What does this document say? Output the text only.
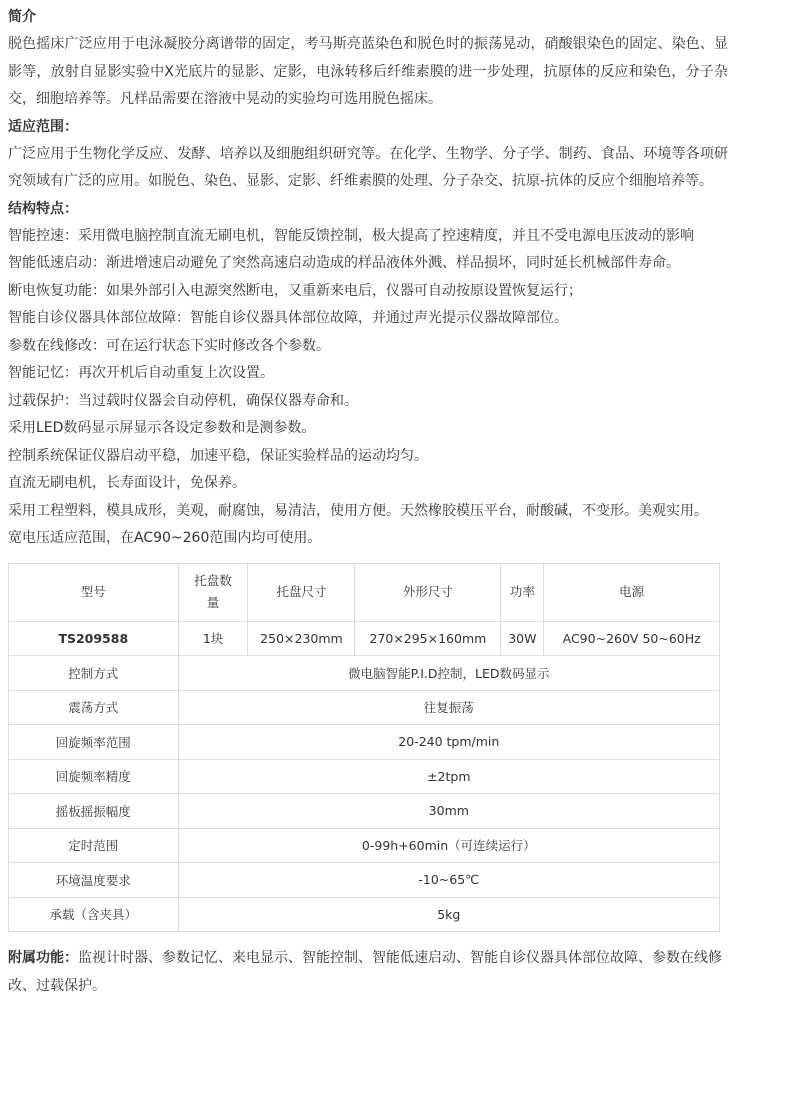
简介
脱色摇床广泛应用于电泳凝胶分离谱带的固定，考马斯亮蓝染色和脱色时的振荡晃动，硝酸银染色的固定、染色、显影等，放射自显影实验中X光底片的显影、定影，电泳转移后纤维素膜的进一步处理，抗原体的反应和染色，分子杂交，细胞培养等。凡样品需要在溶液中晃动的实验均可选用脱色摇床。
适应范围：
广泛应用于生物化学反应、发酵、培养以及细胞组织研究等。在化学、生物学、分子学、制药、食品、环境等各项研究领域有广泛的应用。如脱色、染色、显影、定影、纤维素膜的处理、分子杂交、抗原-抗体的反应个细胞培养等。
结构特点：
智能控速：采用微电脑控制直流无刷电机，智能反馈控制，极大提高了控速精度，并且不受电源电压波动的影响
智能低速启动：渐进增速启动避免了突然高速启动造成的样品液体外溅、样品损坏，同时延长机械部件寿命。
断电恢复功能：如果外部引入电源突然断电，又重新来电后，仪器可自动按原设置恢复运行；
智能自诊仪器具体部位故障：智能自诊仪器具体部位故障，并通过声光提示仪器故障部位。
参数在线修改：可在运行状态下实时修改各个参数。
智能记忆：再次开机后自动重复上次设置。
过载保护：当过载时仪器会自动停机，确保仪器寿命和。
采用LED数码显示屏显示各设定参数和是测参数。
控制系统保证仪器启动平稳，加速平稳，保证实验样品的运动均匀。
直流无刷电机，长寿面设计，免保养。
采用工程塑料，模具成形，美观，耐腐蚀，易清洁，使用方便。天然橡胶模压平台，耐酸碱，不变形。美观实用。
宽电压适应范围，在AC90~260范围内均可使用。
型号	托盘数量	托盘尺寸	外形尺寸	功率	电源
TS209588	1块	250×230mm	270×295×160mm	30W	AC90~260V 50~60Hz
控制方式	微电脑智能P.I.D控制，LED数码显示				
震荡方式	往复振荡				
回旋频率范围	20-240 tpm/min				
回旋频率精度	±2tpm				
摇板摇振幅度	30mm				
定时范围	0-99h+60min（可连续运行）				
环境温度要求	-10~65℃				
承载（含夹具）	5kg				
附属功能：监视计时器、参数记忆、来电显示、智能控制、智能低速启动、智能自诊仪器具体部位故障、参数在线修改、过载保护。
